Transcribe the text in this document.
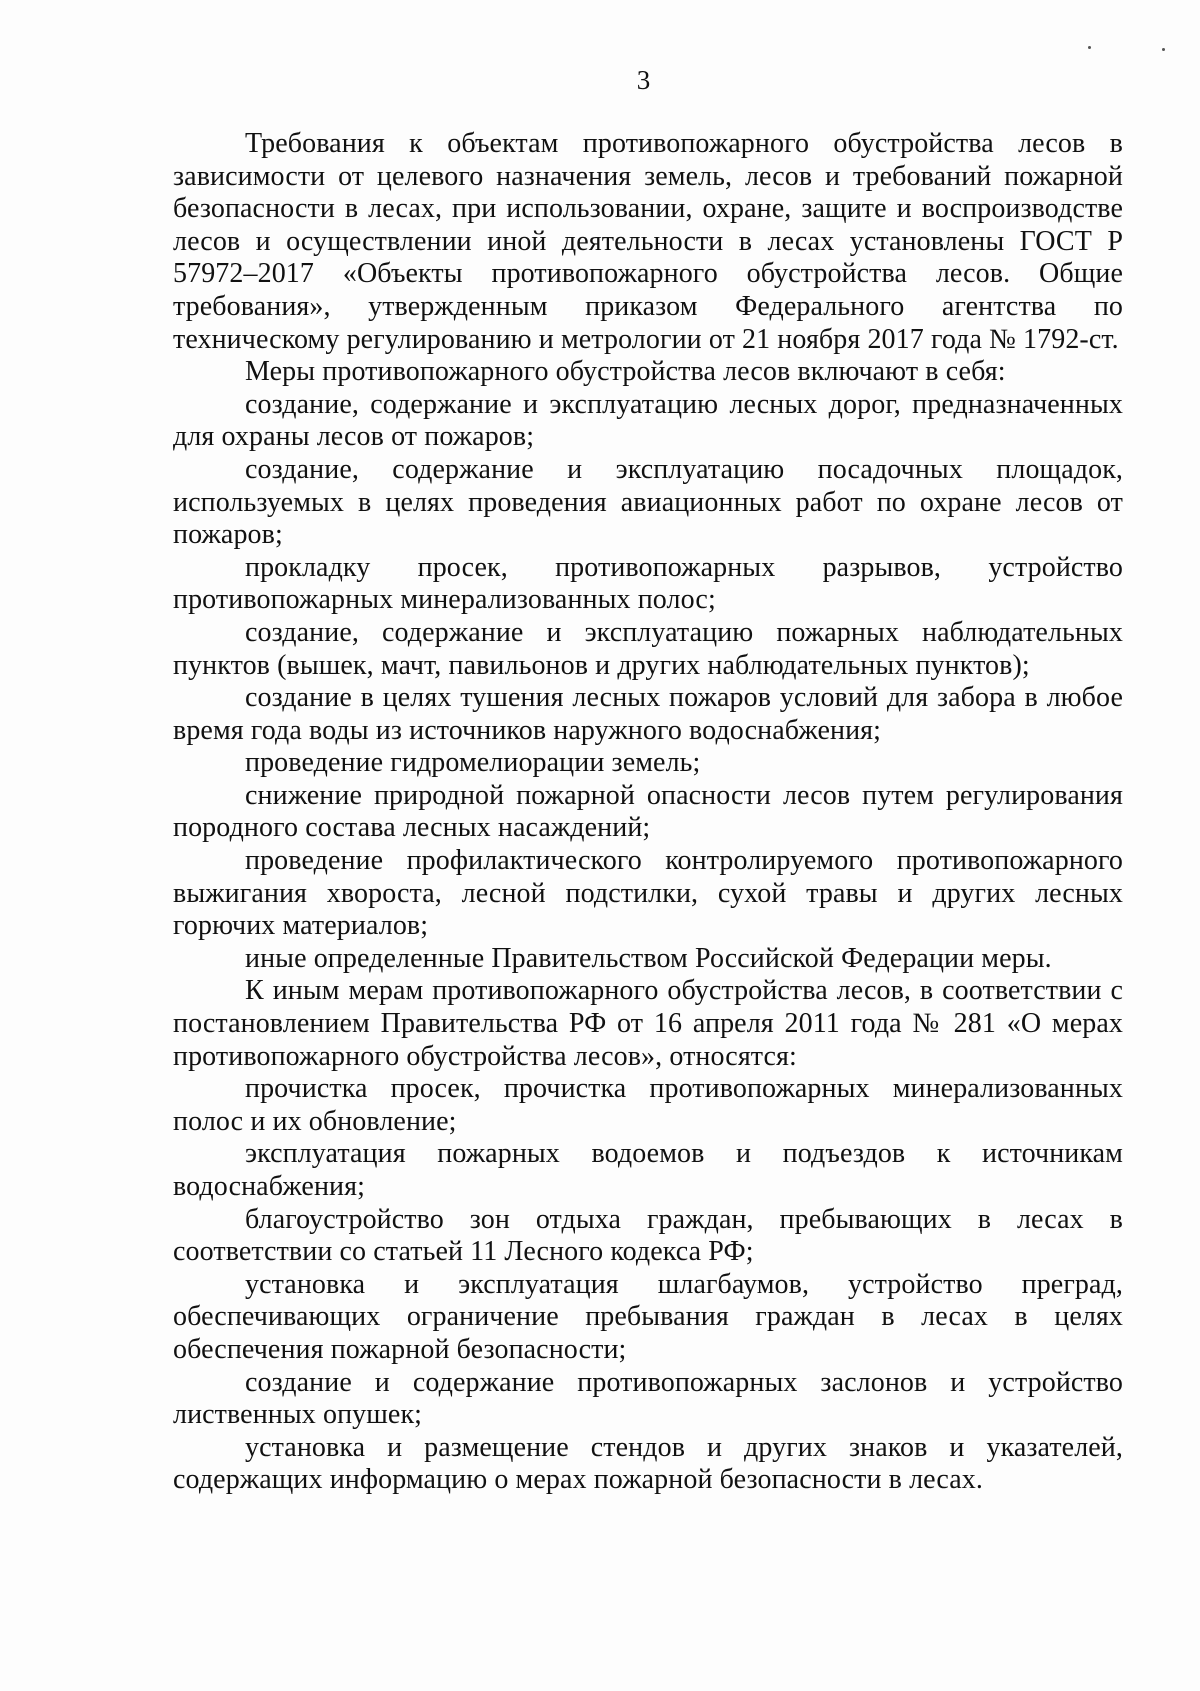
3

Требования к объектам противопожарного обустройства лесов в зависимости от целевого назначения земель, лесов и требований пожарной безопасности в лесах, при использовании, охране, защите и воспроизводстве лесов и осуществлении иной деятельности в лесах установлены ГОСТ Р 57972–2017 «Объекты противопожарного обустройства лесов. Общие требования», утвержденным приказом Федерального агентства по техническому регулированию и метрологии от 21 ноября 2017 года № 1792-ст.

Меры противопожарного обустройства лесов включают в себя:

создание, содержание и эксплуатацию лесных дорог, предназначенных для охраны лесов от пожаров;

создание, содержание и эксплуатацию посадочных площадок, используемых в целях проведения авиационных работ по охране лесов от пожаров;

прокладку просек, противопожарных разрывов, устройство противопожарных минерализованных полос;

создание, содержание и эксплуатацию пожарных наблюдательных пунктов (вышек, мачт, павильонов и других наблюдательных пунктов);

создание в целях тушения лесных пожаров условий для забора в любое время года воды из источников наружного водоснабжения;

проведение гидромелиорации земель;

снижение природной пожарной опасности лесов путем регулирования породного состава лесных насаждений;

проведение профилактического контролируемого противопожарного выжигания хвороста, лесной подстилки, сухой травы и других лесных горючих материалов;

иные определенные Правительством Российской Федерации меры.

К иным мерам противопожарного обустройства лесов, в соответствии с постановлением Правительства РФ от 16 апреля 2011 года № 281 «О мерах противопожарного обустройства лесов», относятся:

прочистка просек, прочистка противопожарных минерализованных полос и их обновление;

эксплуатация пожарных водоемов и подъездов к источникам водоснабжения;

благоустройство зон отдыха граждан, пребывающих в лесах в соответствии со статьей 11 Лесного кодекса РФ;

установка и эксплуатация шлагбаумов, устройство преград, обеспечивающих ограничение пребывания граждан в лесах в целях обеспечения пожарной безопасности;

создание и содержание противопожарных заслонов и устройство лиственных опушек;

установка и размещение стендов и других знаков и указателей, содержащих информацию о мерах пожарной безопасности в лесах.
